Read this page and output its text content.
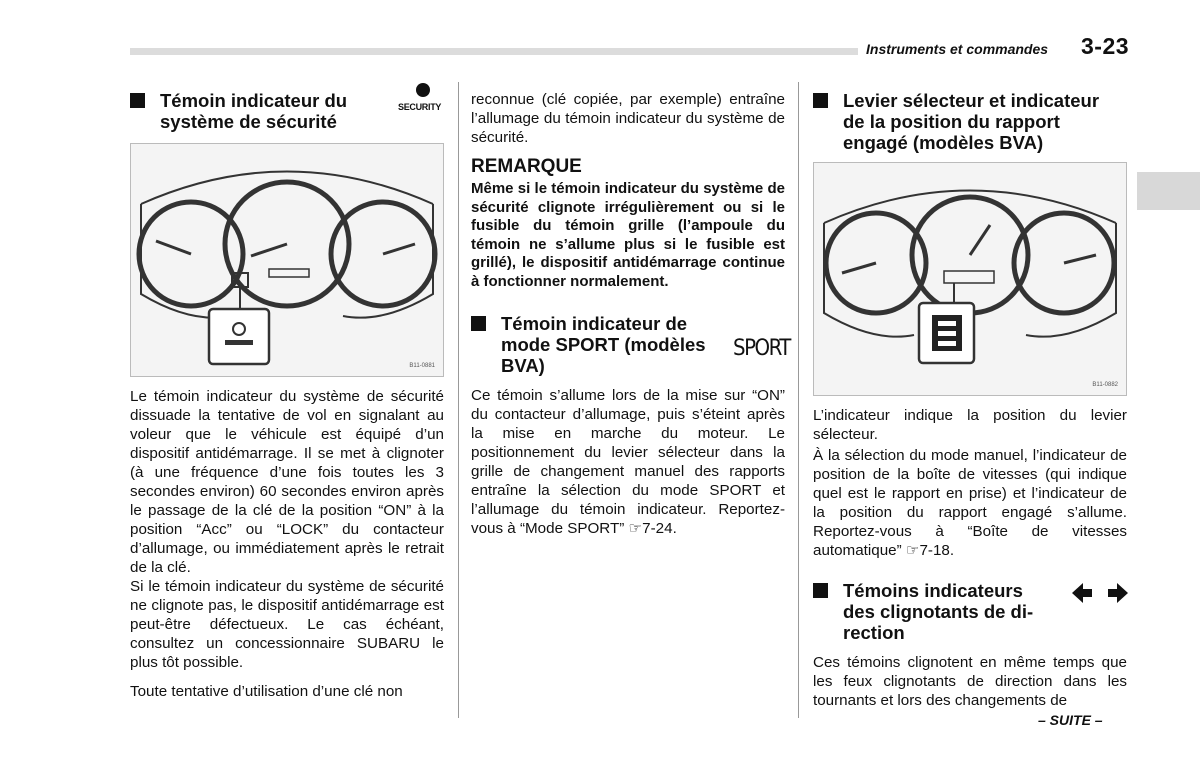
Instruments et commandes 3-23
Témoin indicateur du
système de sécurité
SECURITY
B11-0881

Le témoin indicateur du système de sécurité dissuade la tentative de vol en signalant au voleur que le véhicule est équipé d’un dispositif antidémarrage. Il se met à clignoter (à une fréquence d’une fois toutes les 3 secondes environ) 60 secondes environ après le passage de la clé de la position “ON” à la position “Acc” ou “LOCK” du contacteur d’allumage, ou immédiatement après le retrait de la clé.

Si le témoin indicateur du système de sécurité ne clignote pas, le dispositif antidémarrage est peut-être défectueux. Le cas échéant, consultez un concessionnaire SUBARU le plus tôt possible.

Toute tentative d’utilisation d’une clé non

reconnue (clé copiée, par exemple) entraîne l’allumage du témoin indicateur du système de sécurité.

REMARQUE
Même si le témoin indicateur du système de sécurité clignote irrégulièrement ou si le fusible du témoin grille (l’ampoule du témoin ne s’allume plus si le fusible est grillé), le dispositif antidémarrage continue à fonctionner normalement.
Témoin indicateur de
mode SPORT (modèles
BVA)

Ce témoin s’allume lors de la mise sur “ON” du contacteur d’allumage, puis s’éteint après la mise en marche du moteur. Le positionnement du levier sélecteur dans la grille de changement manuel des rapports entraîne la sélection du mode SPORT et l’allumage du témoin indicateur. Reportez-vous à “Mode SPORT” ☞7-24.

SPORT
Levier sélecteur et indicateur
de la position du rapport
engagé (modèles BVA)
B11-0882

L’indicateur indique la position du levier sélecteur.

À la sélection du mode manuel, l’indicateur de position de la boîte de vitesses (qui indique quel est le rapport en prise) et l’indicateur de la position du rapport engagé s’allume. Reportez-vous à “Boîte de vitesses automatique” ☞7-18.

Témoins indicateurs
des clignotants de di-
rection

Ces témoins clignotent en même temps que les feux clignotants de direction dans les tournants et lors des changements de

– SUITE –
